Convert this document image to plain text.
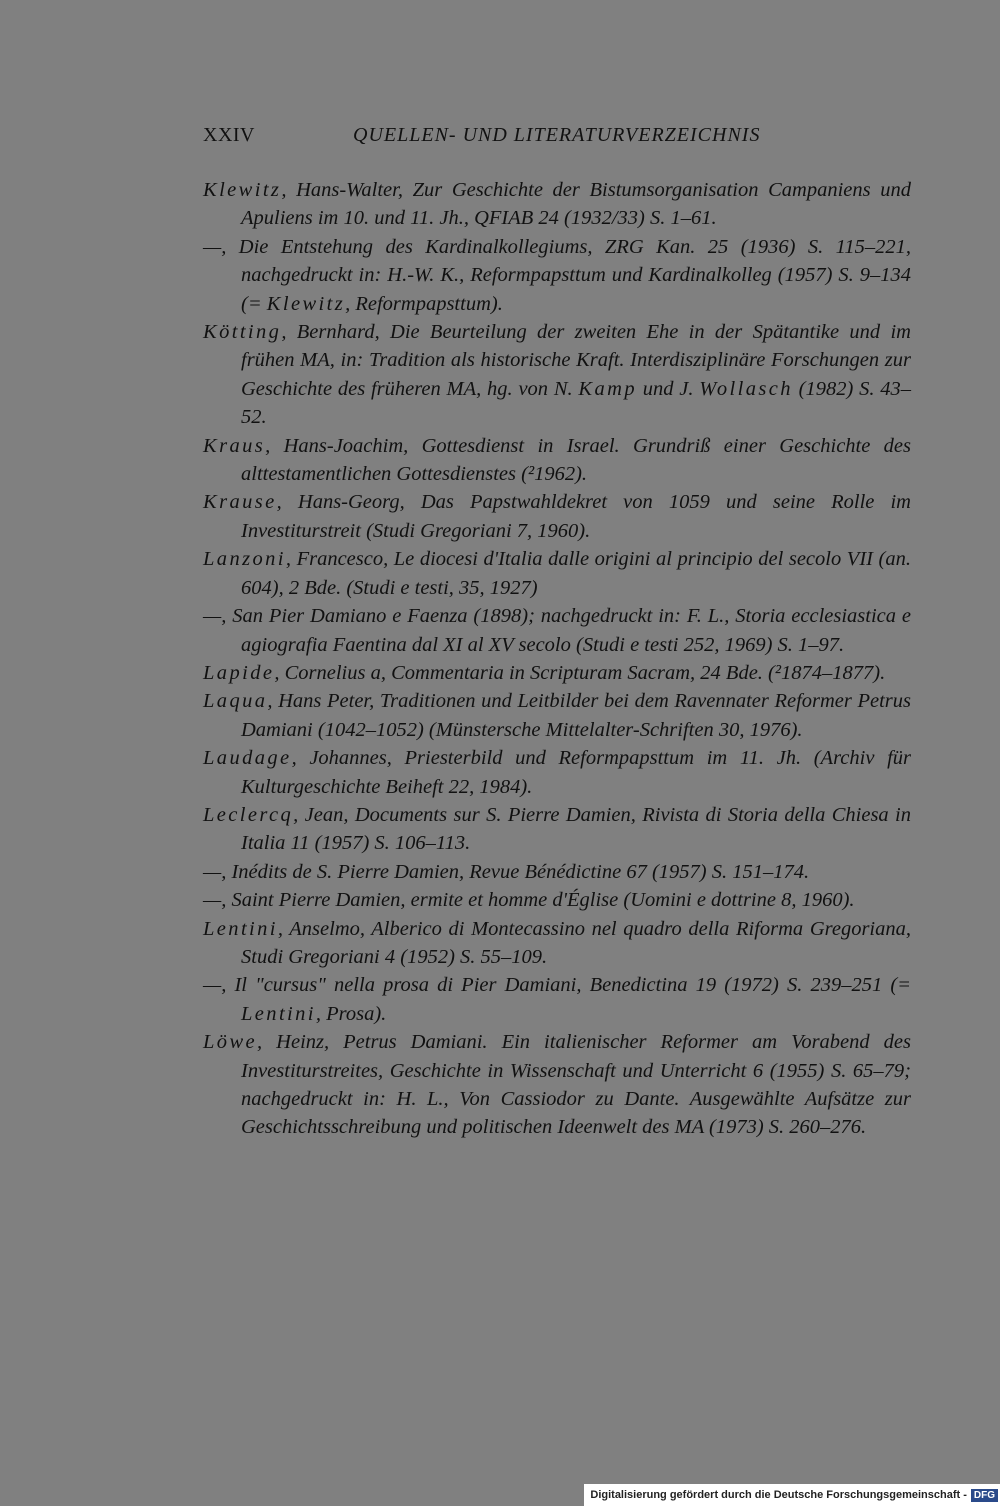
XXIV	QUELLEN- UND LITERATURVERZEICHNIS

Klewitz, Hans-Walter, Zur Geschichte der Bistumsorganisation Campaniens und Apuliens im 10. und 11. Jh., QFIAB 24 (1932/33) S. 1–61.

—, Die Entstehung des Kardinalkollegiums, ZRG Kan. 25 (1936) S. 115–221, nachgedruckt in: H.-W. K., Reformpapsttum und Kardinalkolleg (1957) S. 9–134 (= Klewitz, Reformpapsttum).

Kötting, Bernhard, Die Beurteilung der zweiten Ehe in der Spätantike und im frühen MA, in: Tradition als historische Kraft. Interdisziplinäre Forschungen zur Geschichte des früheren MA, hg. von N. Kamp und J. Wollasch (1982) S. 43–52.

Kraus, Hans-Joachim, Gottesdienst in Israel. Grundriß einer Geschichte des alttestamentlichen Gottesdienstes (²1962).

Krause, Hans-Georg, Das Papstwahldekret von 1059 und seine Rolle im Investiturstreit (Studi Gregoriani 7, 1960).

Lanzoni, Francesco, Le diocesi d'Italia dalle origini al principio del secolo VII (an. 604), 2 Bde. (Studi e testi, 35, 1927)

—, San Pier Damiano e Faenza (1898); nachgedruckt in: F. L., Storia ecclesiastica e agiografia Faentina dal XI al XV secolo (Studi e testi 252, 1969) S. 1–97.

Lapide, Cornelius a, Commentaria in Scripturam Sacram, 24 Bde. (²1874–1877).

Laqua, Hans Peter, Traditionen und Leitbilder bei dem Ravennater Reformer Petrus Damiani (1042–1052) (Münstersche Mittelalter-Schriften 30, 1976).

Laudage, Johannes, Priesterbild und Reformpapsttum im 11. Jh. (Archiv für Kulturgeschichte Beiheft 22, 1984).

Leclercq, Jean, Documents sur S. Pierre Damien, Rivista di Storia della Chiesa in Italia 11 (1957) S. 106–113.

—, Inédits de S. Pierre Damien, Revue Bénédictine 67 (1957) S. 151–174.

—, Saint Pierre Damien, ermite et homme d'Église (Uomini e dottrine 8, 1960).

Lentini, Anselmo, Alberico di Montecassino nel quadro della Riforma Gregoriana, Studi Gregoriani 4 (1952) S. 55–109.

—, Il "cursus" nella prosa di Pier Damiani, Benedictina 19 (1972) S. 239–251 (= Lentini, Prosa).

Löwe, Heinz, Petrus Damiani. Ein italienischer Reformer am Vorabend des Investiturstreites, Geschichte in Wissenschaft und Unterricht 6 (1955) S. 65–79; nachgedruckt in: H. L., Von Cassiodor zu Dante. Ausgewählte Aufsätze zur Geschichtsschreibung und politischen Ideenwelt des MA (1973) S. 260–276.

Digitalisierung gefördert durch die Deutsche Forschungsgemeinschaft - DFG
